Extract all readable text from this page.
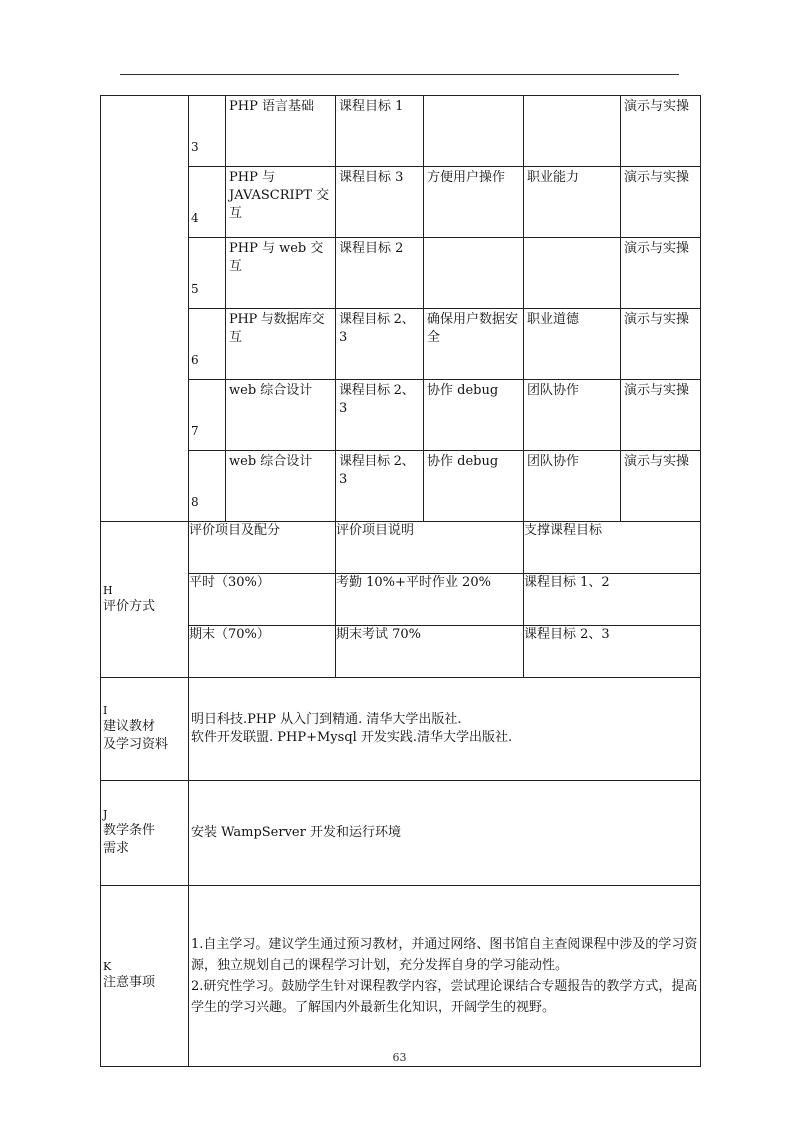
	3	PHP 语言基础	课程目标 1			演示与实操
	4	PHP 与 JAVASCRIPT 交互	课程目标 3	方便用户操作	职业能力	演示与实操
	5	PHP 与 web 交互	课程目标 2			演示与实操
	6	PHP 与数据库交互	课程目标 2、3	确保用户数据安全	职业道德	演示与实操
	7	web 综合设计	课程目标 2、3	协作 debug	团队协作	演示与实操
	8	web 综合设计	课程目标 2、3	协作 debug	团队协作	演示与实操
H
评价方式	评价项目及配分	评价项目说明	支撑课程目标
	平时（30%）	考勤 10%+平时作业 20%	课程目标 1、2
	期末（70%）	期末考试 70%	课程目标 2、3

I
建议教材
及学习资料	明日科技.PHP 从入门到精通. 清华大学出版社.
软件开发联盟. PHP+Mysql 开发实践.清华大学出版社.		

J
教学条件
需求	安装 WampServer 开发和运行环境		

K
注意事项	1.自主学习。建议学生通过预习教材，并通过网络、图书馆自主查阅课程中涉及的学习资源，独立规划自己的课程学习计划，充分发挥自身的学习能动性。
2.研究性学习。鼓励学生针对课程教学内容，尝试理论课结合专题报告的教学方式，提高学生的学习兴趣。了解国内外最新生化知识，开阔学生的视野。		
63
